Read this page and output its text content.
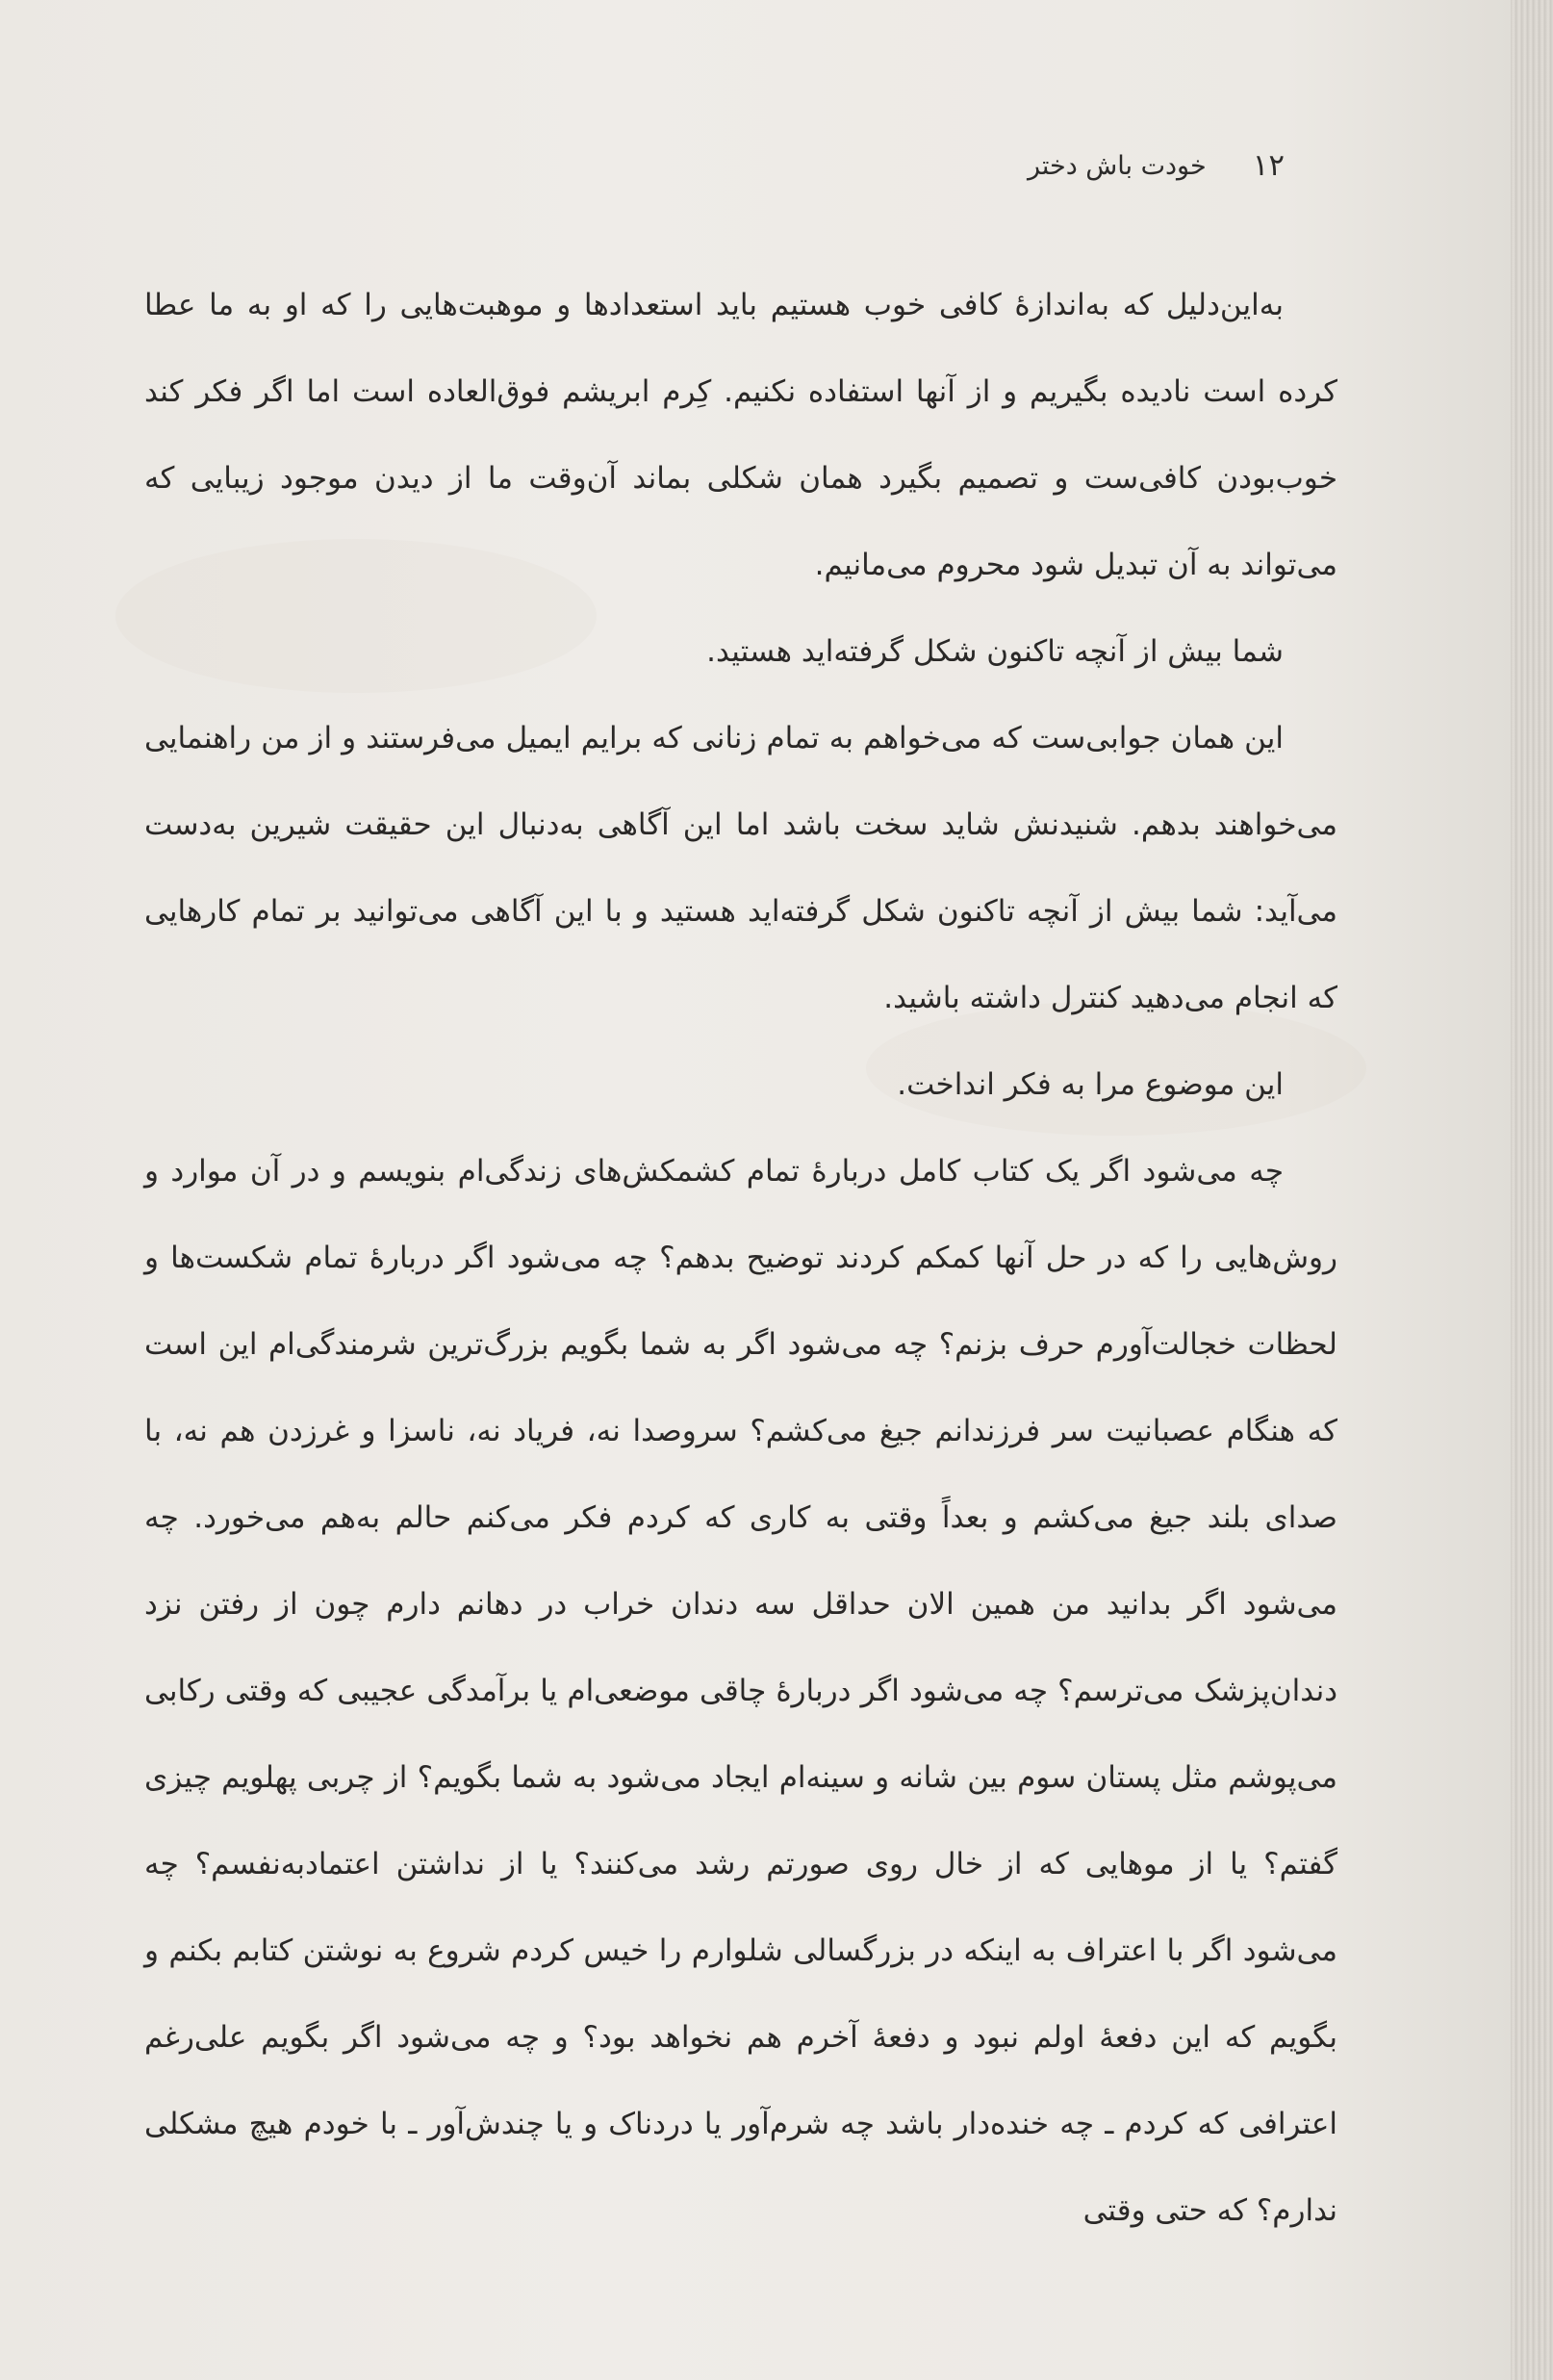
۱۲
خودت باش دختر

به‌این‌دلیل که به‌اندازهٔ کافی خوب هستیم باید استعدادها و موهبت‌هایی را که او به ما عطا کرده است نادیده بگیریم و از آنها استفاده نکنیم. کِرم ابریشم فوق‌العاده است اما اگر فکر کند خوب‌بودن کافی‌ست و تصمیم بگیرد همان شکلی بماند آن‌وقت ما از دیدن موجود زیبایی که می‌تواند به آن تبدیل شود محروم می‌مانیم.

شما بیش از آنچه تاکنون شکل گرفته‌اید هستید.

این همان جوابی‌ست که می‌خواهم به تمام زنانی که برایم ایمیل می‌فرستند و از من راهنمایی می‌خواهند بدهم. شنیدنش شاید سخت باشد اما این آگاهی به‌دنبال این حقیقت شیرین به‌دست می‌آید: شما بیش از آنچه تاکنون شکل گرفته‌اید هستید و با این آگاهی می‌توانید بر تمام کارهایی که انجام می‌دهید کنترل داشته باشید.

این موضوع مرا به فکر انداخت.

چه می‌شود اگر یک کتاب کامل دربارهٔ تمام کشمکش‌های زندگی‌ام بنویسم و در آن موارد و روش‌هایی را که در حل آنها کمکم کردند توضیح بدهم؟ چه می‌شود اگر دربارهٔ تمام شکست‌ها و لحظات خجالت‌آورم حرف بزنم؟ چه می‌شود اگر به شما بگویم بزرگ‌ترین شرمندگی‌ام این است که هنگام عصبانیت سر فرزندانم جیغ می‌کشم؟ سروصدا نه، فریاد نه، ناسزا و غرزدن هم نه، با صدای بلند جیغ می‌کشم و بعداً وقتی به کاری که کردم فکر می‌کنم حالم به‌هم می‌خورد. چه می‌شود اگر بدانید من همین الان حداقل سه دندان خراب در دهانم دارم چون از رفتن نزد دندان‌پزشک می‌ترسم؟ چه می‌شود اگر دربارهٔ چاقی موضعی‌ام یا برآمدگی عجیبی که وقتی رکابی می‌پوشم مثل پستان سوم بین شانه و سینه‌ام ایجاد می‌شود به شما بگویم؟ از چربی پهلویم چیزی گفتم؟ یا از موهایی که از خال روی صورتم رشد می‌کنند؟ یا از نداشتن اعتمادبه‌نفسم؟ چه می‌شود اگر با اعتراف به اینکه در بزرگسالی شلوارم را خیس کردم شروع به نوشتن کتابم بکنم و بگویم که این دفعهٔ اولم نبود و دفعهٔ آخرم هم نخواهد بود؟ و چه می‌شود اگر بگویم علی‌رغم اعترافی که کردم ـ چه خنده‌دار باشد چه شرم‌آور یا دردناک و یا چندش‌آور ـ با خودم هیچ مشکلی ندارم؟ که حتی وقتی
